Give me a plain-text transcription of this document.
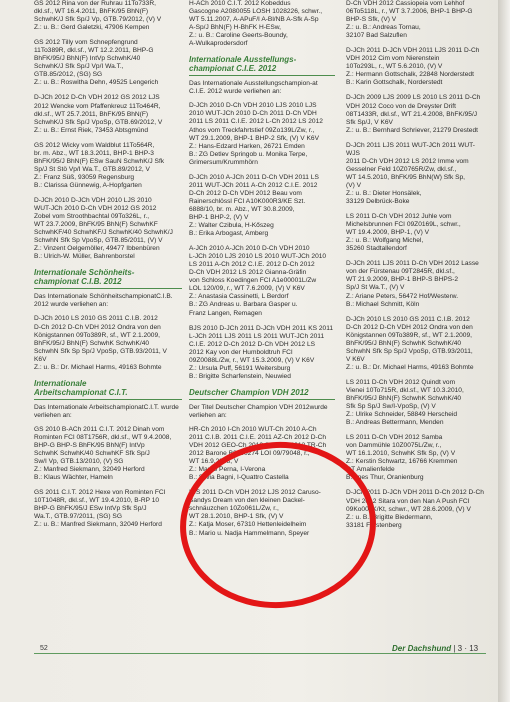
GS 2012 Rina von der Ruhrau 11To733R,
dkl.sf., WT 16.4.2011, BhFK/95 BhN(F)
SchwhK/J Sfk Sp/J Vp, GTB.79/2012, (V) V
Z.: u. B.: Gerd Galetzki, 47906 Kempen
GS 2012 Tilly vom Schnepfengrund
11To389R, dkl.sf., WT 12.2.2011, BHP-G
BhFK/95/J BhN(F) IntVp SchwhK/40
SchwhK/J Sfk Sp/J Vp/I Wa.T.,
GTB.85/2012, (SG) SG
Z.: u. B.: Roswitha Dehn, 49525 Lengerich
D-JCh 2012 D-Ch VDH 2012 GS 2012 LJS
2012 Wencke vom Pfaffenkreuz 11To464R,
dkl.sf., WT 25.7.2011, BhFK/95 BhN(F)
SchwhK/J Sfk Sp/J VpoSp, GTB.69/2012, V
Z.: u. B.: Ernst Riek, 73453 Abtsgmünd
GS 2012 Wicky vom Waldblut 11To564R,
br. m. Abz., WT 18.3.2011, BHP-1 BHP-3
BhFK/95/J BhN(F) ESw SauN SchwhK/J Sfk
Sp/J St Stö Vp/I Wa.T., GTB.89/2012, V
Z.: Franz Süß, 93059 Regensburg
B.: Clarissa Günnewig, A-Hopfgarten
D-JCh 2010 D-JCh VDH 2010 LJS 2010
WUT-JCh 2010 D-Ch VDH 2012 GS 2012
Zobel vom Stroothbachtal 09To326L, r.,
WT 23.7.2009, BhFK/95 BhN(F) SchwhKF
SchwhKF/40 SchwhKF/J SchwhK/40 SchwhK/J
SchwhN Sfk Sp VpoSp, GTB.85/2011, (V) V
Z.: Vinzent Oelgemöller, 49477 Ibbenbüren
B.: Ulrich-W. Müller, Bahrenborstel
Internationale Schönheits-
championat C.I.B. 2012
Das Internationale SchönheitschampionatC.I.B. 2012 wurde verliehen an:
D-JCh 2010 LS 2010 GS 2011 C.I.B. 2012
D-Ch 2012 D-Ch VDH 2012 Ondra von den
Königstannen 09To389R, sf., WT 2.1.2009,
BhFK/95/J BhN(F) SchwhK SchwhK/40
SchwhN Sfk Sp Sp/J VpoSp, GTB.93/2011, V
K6V
Z.: u. B.: Dr. Michael Harms, 49163 Bohmte
Internationale
Arbeitschampionat C.I.T.
Das Internationale ArbeitschampionatC.I.T. wurde verliehen an:
GS 2010 B-ACh 2011 C.I.T. 2012 Dinah vom
Rominten FCI 08T1756R, dkl.sf., WT 9.4.2008,
BHP-G BHP-S BhFK/95 BhN(F) IntVp
SchwhK SchwhK/40 SchwhKF Sfk Sp/J
Sw/I Vp, GTB.13/2010, (V) SG
Z.: Manfred Siekmann, 32049 Herford
B.: Klaus Wächter, Hameln
GS 2011 C.I.T. 2012 Hexe von Rominten FCI
10T1048R, dkl.sf., WT 19.4.2010, B-RP 10
BHP-G BhFK/95/J ESw IntVp Sfk Sp/J
Wa.T., GTB.97/2011, (SG) SG
Z.: u. B.: Manfred Siekmann, 32049 Herford
H-ACh 2010 C.I.T. 2012 Kobeddus
Gascogne A2080055 LOSH 1028226, schwr.,
WT 5.11.2007, A-APuF/I A-Bl/NB A-Sfk A-Sp
A-Sp/J BhN(F) H-BhFK H-ESw,
Z.: u. B.: Caroline Geerts-Boundy,
A-Wulkaprodersdorf
Internationale Ausstellungs-
championat C.I.E. 2012
Das Internationale Ausstellungschampion-at C.I.E. 2012 wurde verliehen an:
D-JCh 2010 D-Ch VDH 2010 LJS 2010 LJS
2010 WUT-JCh 2010 D-Ch 2011 D-Ch VDH
2011 LS 2011 C.I.E. 2012 L-Ch 2012 LS 2012
Athos vom Treckfahrtstief 09Zo139L/Zw, r.,
WT 29.1.2009, BHP-1 BHP-2 Sfk, (V) V K6V
Z.: Hans-Edzard Harken, 26721 Emden
B.: ZG Detlev Springob u. Monika Terpe,
Grimersum/Krummhörn
D-JCh 2010 A-JCh 2011 D-Ch VDH 2011 LS
2011 WUT-JCh 2011 A-Ch 2012 C.I.E. 2012
D-Ch 2012 D-Ch VDH 2012 Beau vom
Rainerschlössl FCI A10K000R3/KE Szt.
6888/10, br. m. Abz., WT 30.8.2009,
BHP-1 BHP-2, (V) V
Z.: Walter Czibula, H-Kőszeg
B.: Erika Arbogast, Amberg
A-JCh 2010 A-JCh 2010 D-Ch VDH 2010
L-JCh 2010 LJS 2010 LS 2010 WUT-JCh 2010
LS 2011 A-Ch 2012 C.I.E. 2012 D-Ch 2012
D-Ch VDH 2012 LS 2012 Gianna-Gräfin
von Schloss Koedingen FCI A1e00001L/Zw
LOL 120/09, r., WT 7.6.2009, (V) V K6V
Z.: Anastasia Cassinetti, L Berdorf
B.: ZG Andreas u. Barbara Gasper u.
Franz Langen, Remagen
BJS 2010 D-JCh 2011 D-JCh VDH 2011 KS 2011
L-JCh 2011 LJS 2011 LS 2011 WUT-JCh 2011
C.I.E. 2012 D-Ch 2012 D-Ch VDH 2012 LS
2012 Kay von der Humboldtruh FCI
09Z0088L/Zw, r., WT 15.3.2009, (V) V K6V
Z.: Ursula Puff, 56191 Weitersburg
B.: Brigitte Scharfenstein, Neuwied
Deutscher Champion VDH 2012
Der Titel Deutscher Champion VDH 2012wurde verliehen an:
HR-Ch 2010 I-Ch 2010 WUT-Ch 2010 A-Ch
2011 C.I.B. 2011 C.I.E. 2011 AZ-Ch 2012 D-Ch
VDH 2012 GEO-Ch 2012 SLO-Ch 2012 TR-Ch
2012 Barone B2100274 LOI 09/79048, r.,
WT 16.9.2008, V
Z.: Mauro Perna, I-Verona
B.: Silvia Bagni, I-Quattro Castella
LJS 2011 D-Ch VDH 2012 LJS 2012 Caruso-
Sandys Dream von den kleinen Dackel-
schnäuzchen 10Zo061L/Zw, r.,
WT 28.1.2010, BHP-1 Sfk, (V) V
Z.: Katja Moser, 67310 Hettenleidelheim
B.: Mario u. Nadja Hammelmann, Speyer
D-Ch VDH 2012 Cassiopeia vom Lehhof
06To5118L, r., WT 3.7.2006, BHP-1 BHP-G
BHP-S Sfk, (V) V
Z.: u. B.: Andreas Tornau,
32107 Bad Salzuflen
D-JCh 2011 D-JCh VDH 2011 LJS 2011 D-Ch
VDH 2012 Cim vom Nierenstein
10To293L, r., WT 5.6.2010, (V) V
Z.: Hermann Gottschalk, 22848 Norderstedt
B.: Karin Gottschalk, Norderstedt
D-JCh 2009 LJS 2009 LS 2010 LS 2011 D-Ch
VDH 2012 Coco von de Dreyster Drift
08T1433R, dkl.sf., WT 21.4.2008, BhFK/95/J
Sfk Sp/J, V K6V
Z.: u. B.: Bernhard Schriever, 21279 Drestedt
D-JCh 2011 LJS 2011 WUT-JCh 2011 WUT-WJS
2011 D-Ch VDH 2012 LS 2012 Imme vom
Gesselner Feld 10Z0765R/Zw, dkl.sf.,
WT 14.5.2010, BhFK/95 BhN(W) Sfk Sp,
(V) V
Z.: u. B.: Dieter Honsälek,
33129 Delbrück-Boke
LS 2011 D-Ch VDH 2012 Juhle vom
Michelsbrunnen FCI 09Z0169L, schwr.,
WT 19.4.2009, BHP-1, (V) V
Z.: u. B.: Wolfgang Michel,
35260 Stadtallendorf
D-JCh 2011 LJS 2011 D-Ch VDH 2012 Lasse
von der Fürstenau 09T2845R, dkl.sf.,
WT 21.9.2009, BHP-1 BHP-S BHPS-2
Sp/J St Wa.T., (V) V
Z.: Ariane Peters, 56472 Hof/Westerw.
B.: Michael Schmitt, Köln
D-JCh 2010 LS 2010 GS 2011 C.I.B. 2012
D-Ch 2012 D-Ch VDH 2012 Ondra von den
Königstannen 09To389R, sf., WT 2.1.2009,
BhFK/95/J BhN(F) SchwhK SchwhK/40
SchwhN Sfk Sp Sp/J VpoSp, GTB.93/2011,
V K6V
Z.: u. B.: Dr. Michael Harms, 49163 Bohmte
LS 2011 D-Ch VDH 2012 Quindt vom
Vienei 10To715R, dkl.sf., WT 10.3.2010,
BhFK/95/J BhN(F) SchwhK SchwhK/40
Sfk Sp Sp/J Sw/I-VpoSp, (V) V
Z.: Ulrike Schneider, 58849 Herscheid
B.: Andreas Bettermann, Menden
LS 2011 D-Ch VDH 2012 Samba
von Dammühle 10Z0075L/Zw, r.,
WT 16.1.2010, SchwhK Sfk Sp, (V) V
Z.: Kerstin Schwartz, 16766 Kremmen
OT Amalienfelde
B.: Ines Thur, Oranienburg
D-JCh 2011 D-JCh VDH 2011 D-Ch 2012 D-Ch
VDH 2012 Sitara von den Nan A Push FCI
09Ko002K/Kt, schwr., WT 28.6.2009, (V) V
Z.: u. B.: Brigitte Biedermann,
33181 Fürstenberg
52	Der Dachshund | 3 · 13
